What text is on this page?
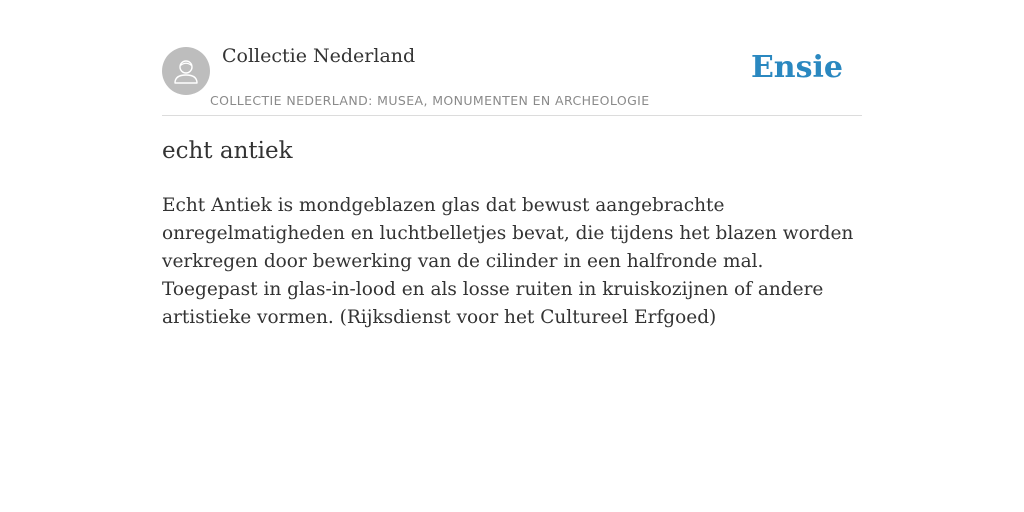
Collectie Nederland
COLLECTIE NEDERLAND: MUSEA, MONUMENTEN EN ARCHEOLOGIE
Ensie
echt antiek

Echt Antiek is mondgeblazen glas dat bewust aangebrachte onregelmatigheden en luchtbelletjes bevat, die tijdens het blazen worden verkregen door bewerking van de cilinder in een halfronde mal. Toegepast in glas-in-lood en als losse ruiten in kruiskozijnen of andere artistieke vormen. (Rijksdienst voor het Cultureel Erfgoed)
